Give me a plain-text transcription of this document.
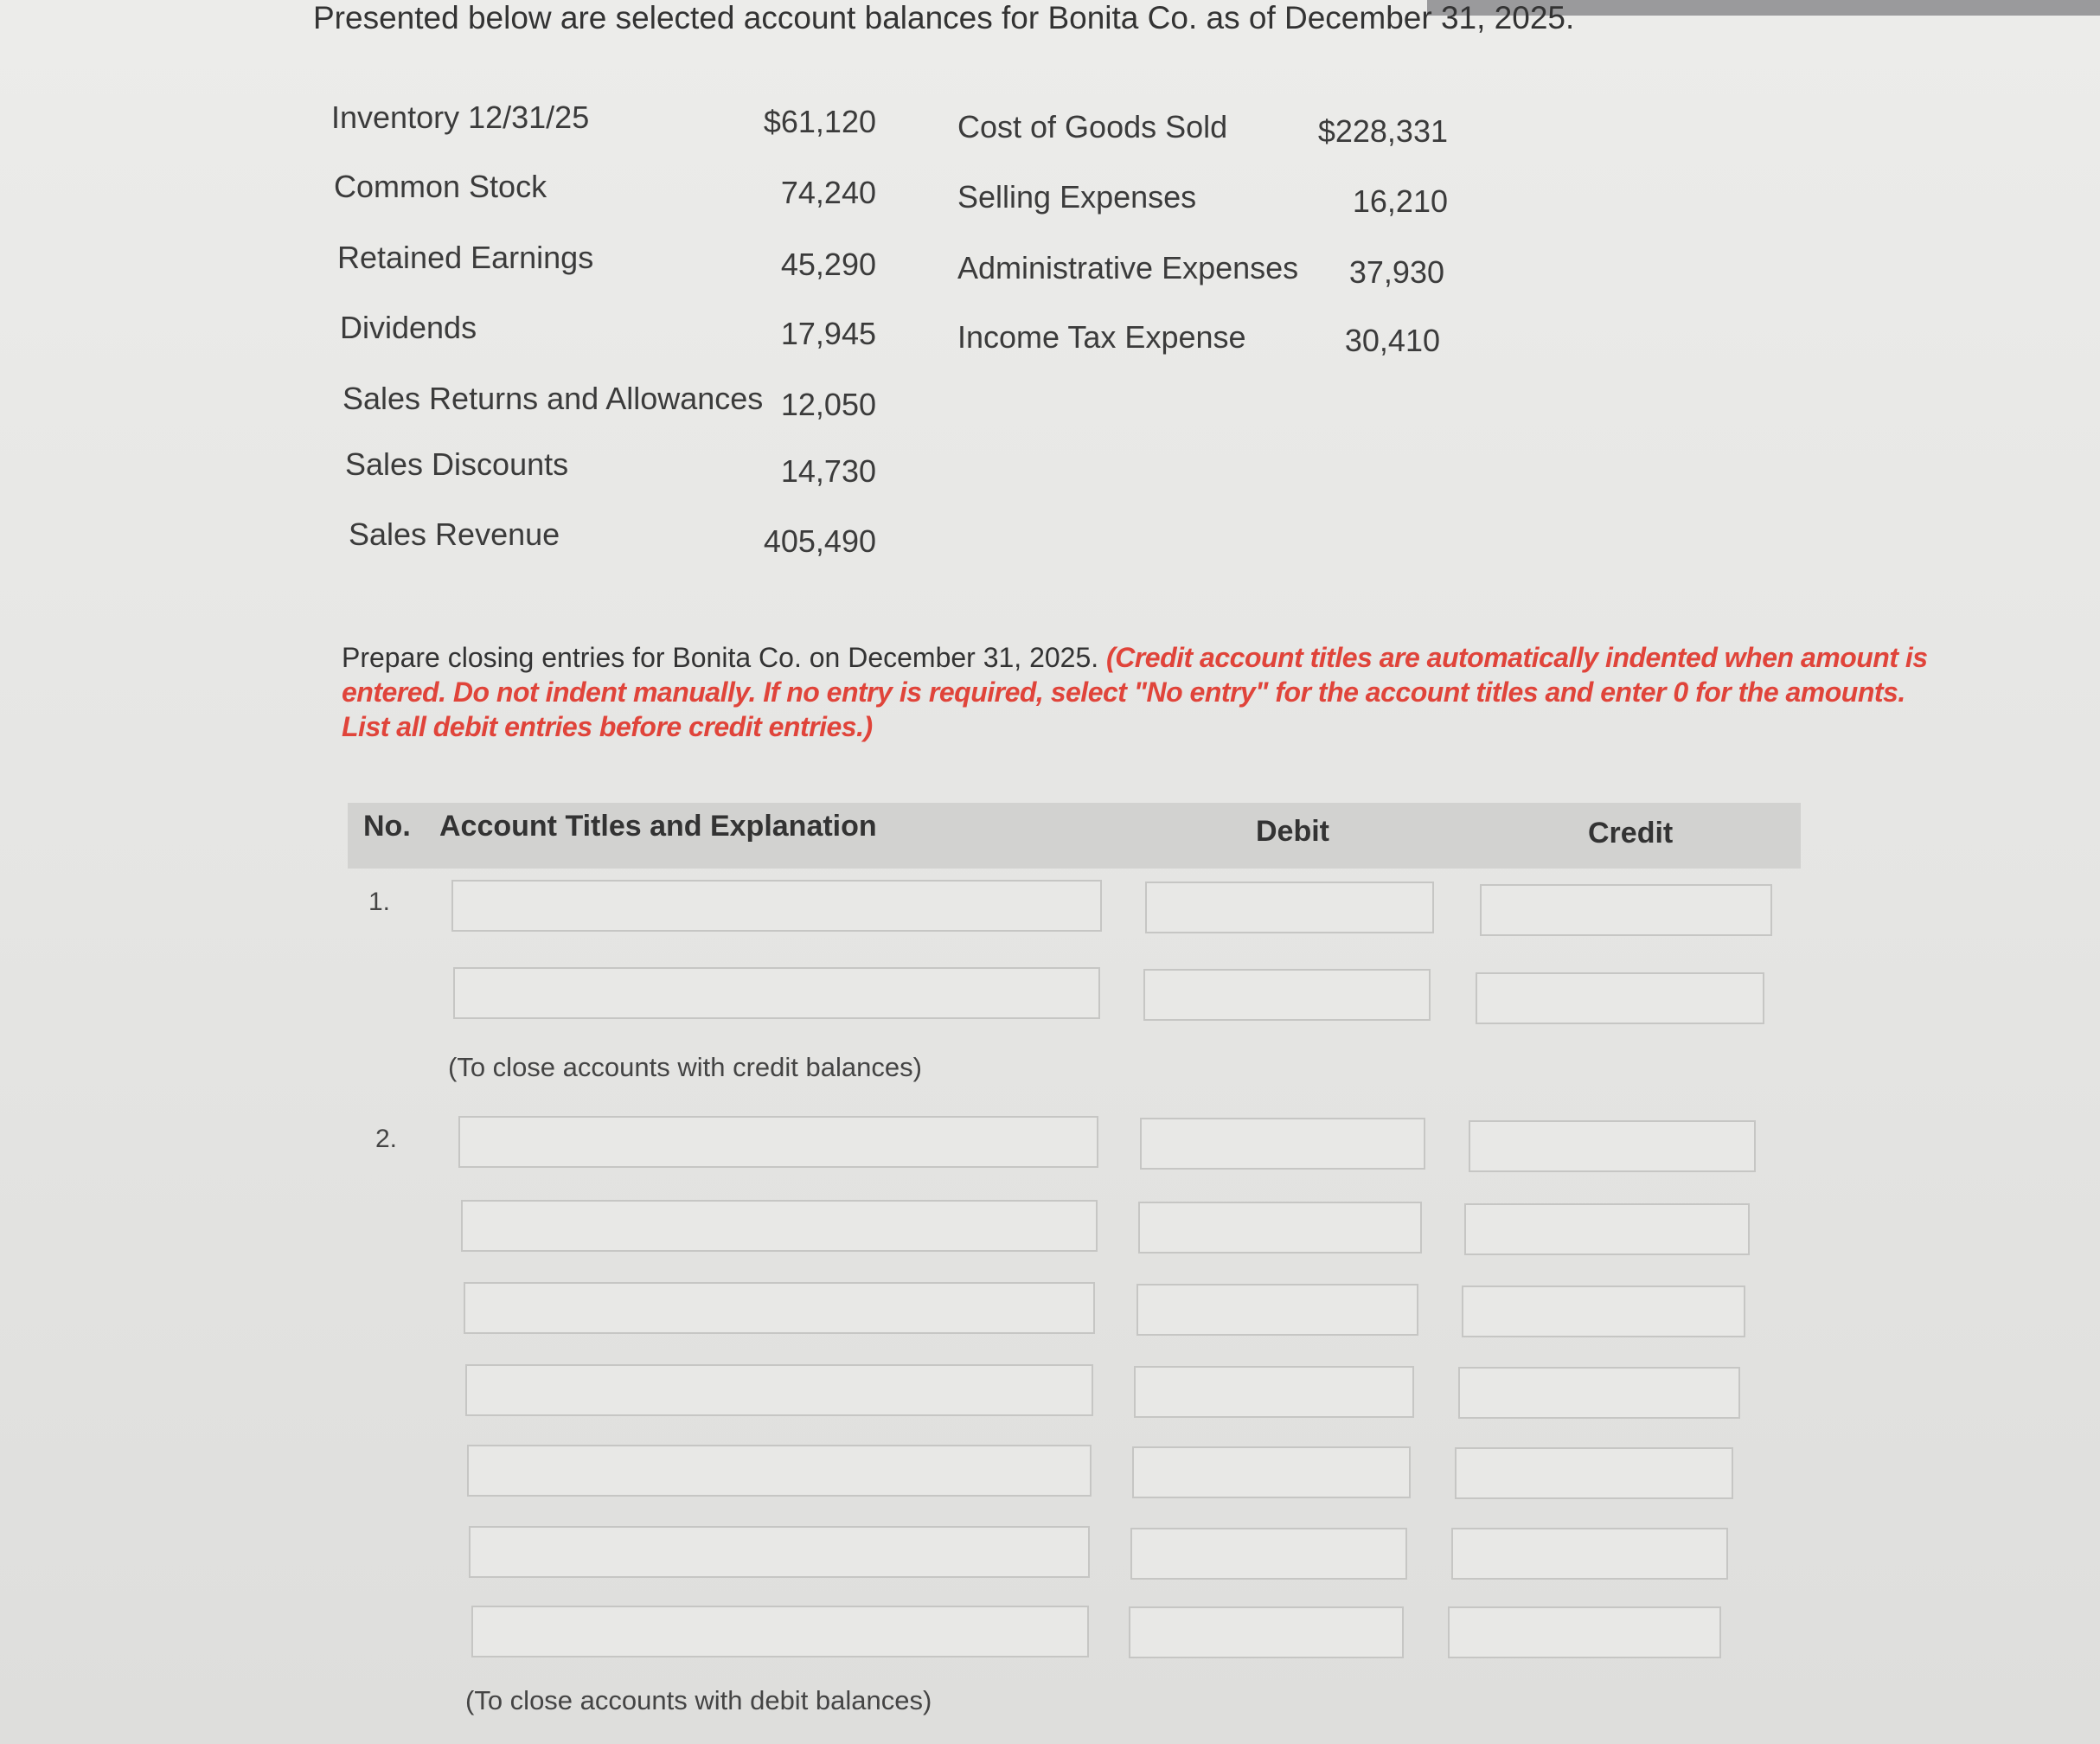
Presented below are selected account balances for Bonita Co. as of December 31, 2025.
Inventory 12/31/25	$61,120
Common Stock	74,240
Retained Earnings	45,290
Dividends	17,945
Sales Returns and Allowances 12,050
Sales Discounts	14,730
Sales Revenue	405,490
Cost of Goods Sold	$228,331
Selling Expenses	16,210
Administrative Expenses	37,930
Income Tax Expense	30,410
Prepare closing entries for Bonita Co. on December 31, 2025. (Credit account titles are automatically indented when amount is entered. Do not indent manually. If no entry is required, select "No entry" for the account titles and enter 0 for the amounts. List all debit entries before credit entries.)
No. Account Titles and Explanation	Debit	Credit
1.
(To close accounts with credit balances)
2.
(To close accounts with debit balances)
